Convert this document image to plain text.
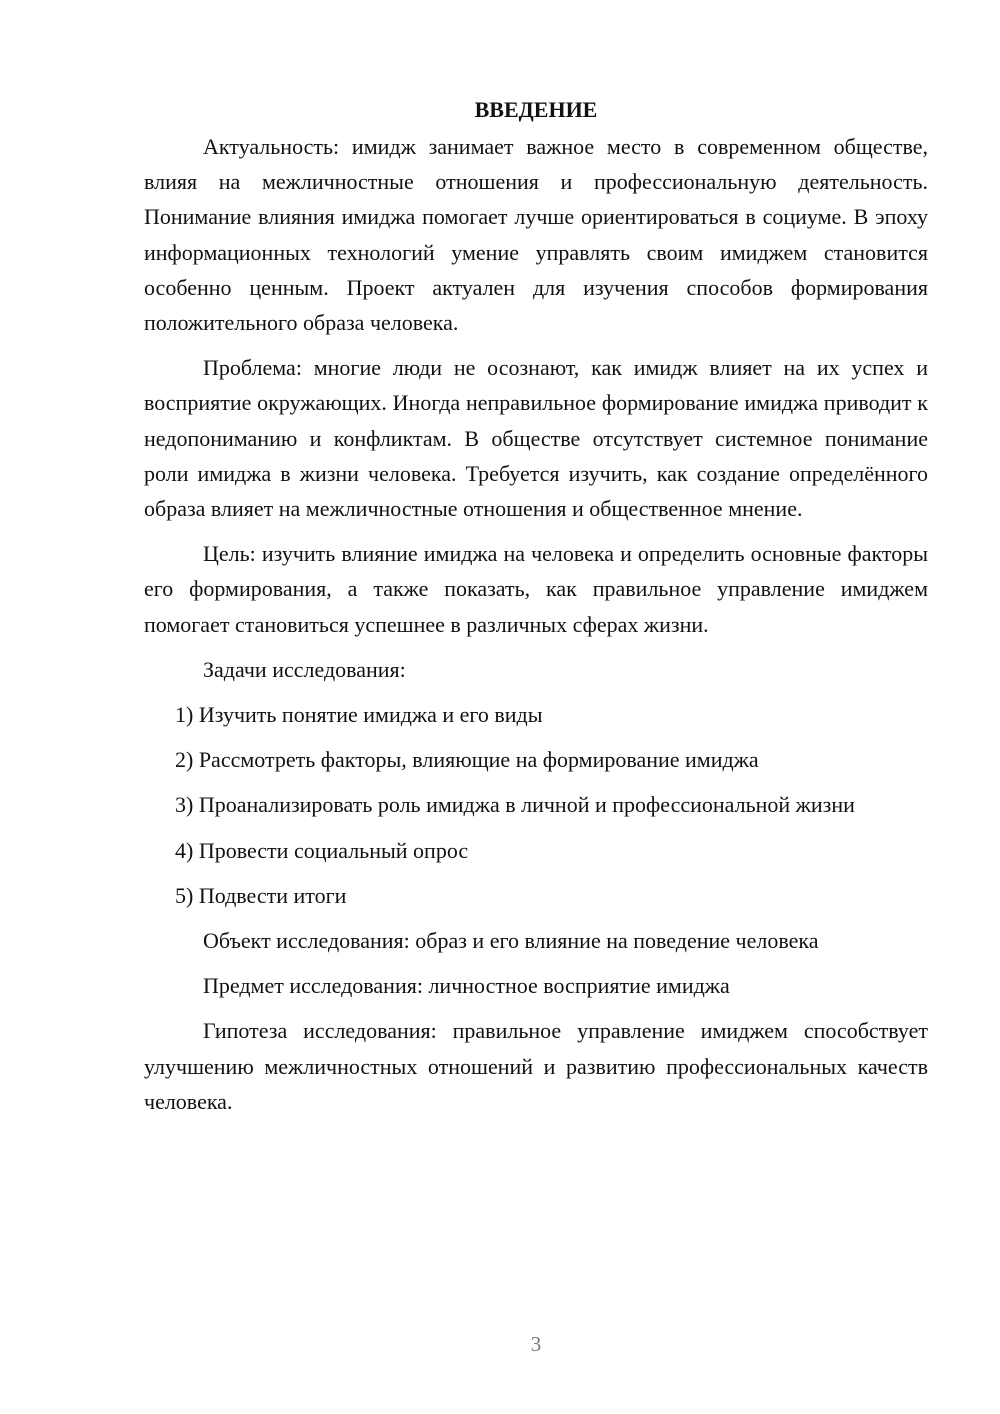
ВВЕДЕНИЕ

Актуальность: имидж занимает важное место в современном обществе, влияя на межличностные отношения и профессиональную деятельность. Понимание влияния имиджа помогает лучше ориентироваться в социуме. В эпоху информационных технологий умение управлять своим имиджем становится особенно ценным. Проект актуален для изучения способов формирования положительного образа человека.

Проблема: многие люди не осознают, как имидж влияет на их успех и восприятие окружающих. Иногда неправильное формирование имиджа приводит к недопониманию и конфликтам. В обществе отсутствует системное понимание роли имиджа в жизни человека. Требуется изучить, как создание определённого образа влияет на межличностные отношения и общественное мнение.

Цель: изучить влияние имиджа на человека и определить основные факторы его формирования, а также показать, как правильное управление имиджем помогает становиться успешнее в различных сферах жизни.

Задачи исследования:

1) Изучить понятие имиджа и его виды

2) Рассмотреть факторы, влияющие на формирование имиджа

3) Проанализировать роль имиджа в личной и профессиональной жизни

4) Провести социальный опрос

5) Подвести итоги

Объект исследования: образ и его влияние на поведение человека

Предмет исследования: личностное восприятие имиджа

Гипотеза исследования: правильное управление имиджем способствует улучшению межличностных отношений и развитию профессиональных качеств человека.

3
